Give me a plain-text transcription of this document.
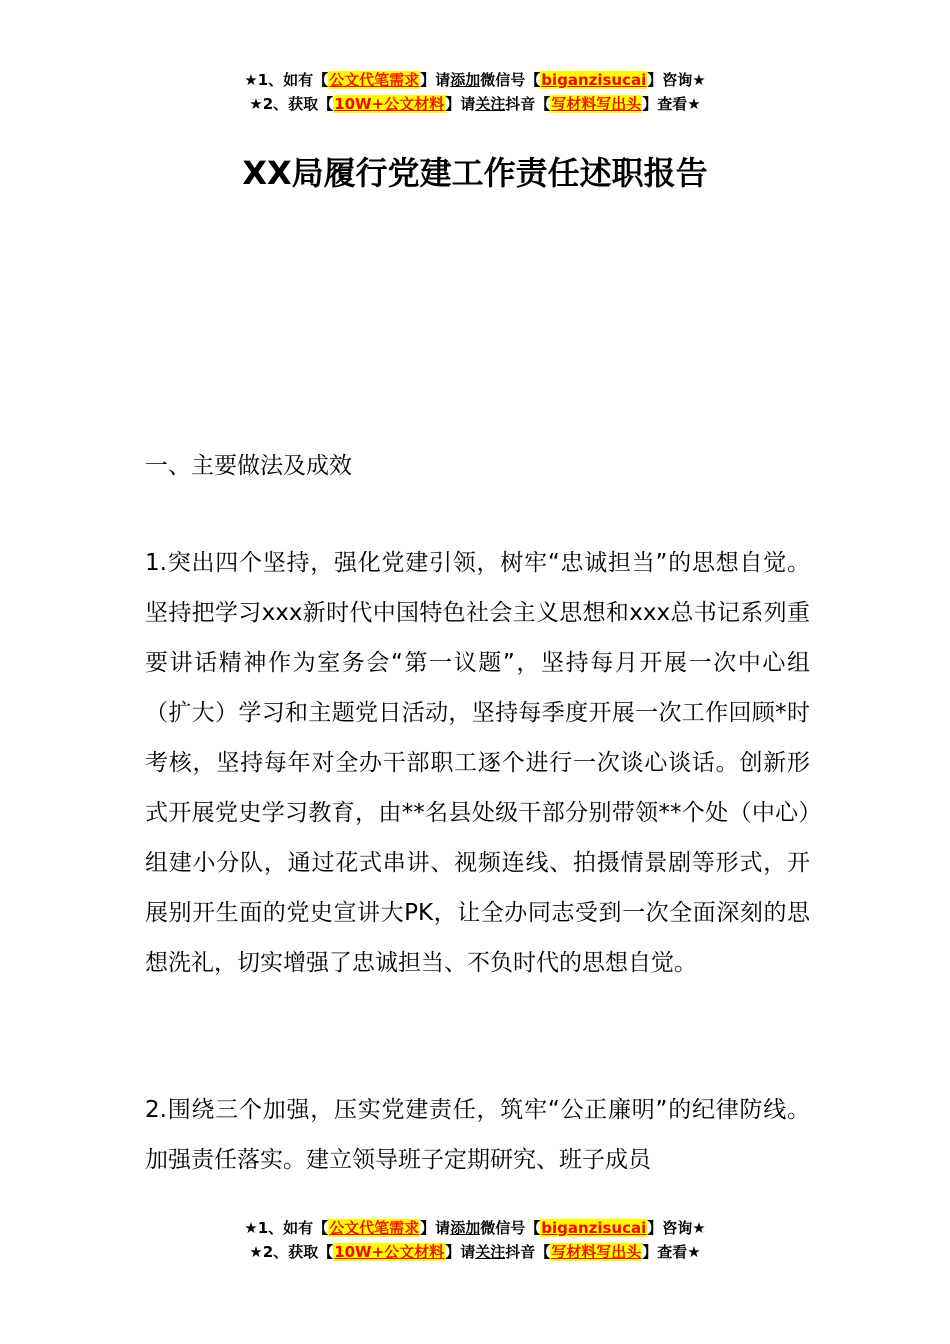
★1、如有【公文代笔需求】请添加微信号【biganzisucai】咨询★
★2、获取【10W+公文材料】请关注抖音【写材料写出头】查看★
XX局履行党建工作责任述职报告

一、主要做法及成效

1.突出四个坚持，强化党建引领，树牢“忠诚担当”的思想自觉。坚持把学习xxx新时代中国特色社会主义思想和xxx总书记系列重要讲话精神作为室务会“第一议题”，坚持每月开展一次中心组（扩大）学习和主题党日活动，坚持每季度开展一次工作回顾*时考核，坚持每年对全办干部职工逐个进行一次谈心谈话。创新形式开展党史学习教育，由**名县处级干部分别带领**个处（中心）组建小分队，通过花式串讲、视频连线、拍摄情景剧等形式，开展别开生面的党史宣讲大PK，让全办同志受到一次全面深刻的思想洗礼，切实增强了忠诚担当、不负时代的思想自觉。

2.围绕三个加强，压实党建责任，筑牢“公正廉明”的纪律防线。加强责任落实。建立领导班子定期研究、班子成员

★1、如有【公文代笔需求】请添加微信号【biganzisucai】咨询★
★2、获取【10W+公文材料】请关注抖音【写材料写出头】查看★
